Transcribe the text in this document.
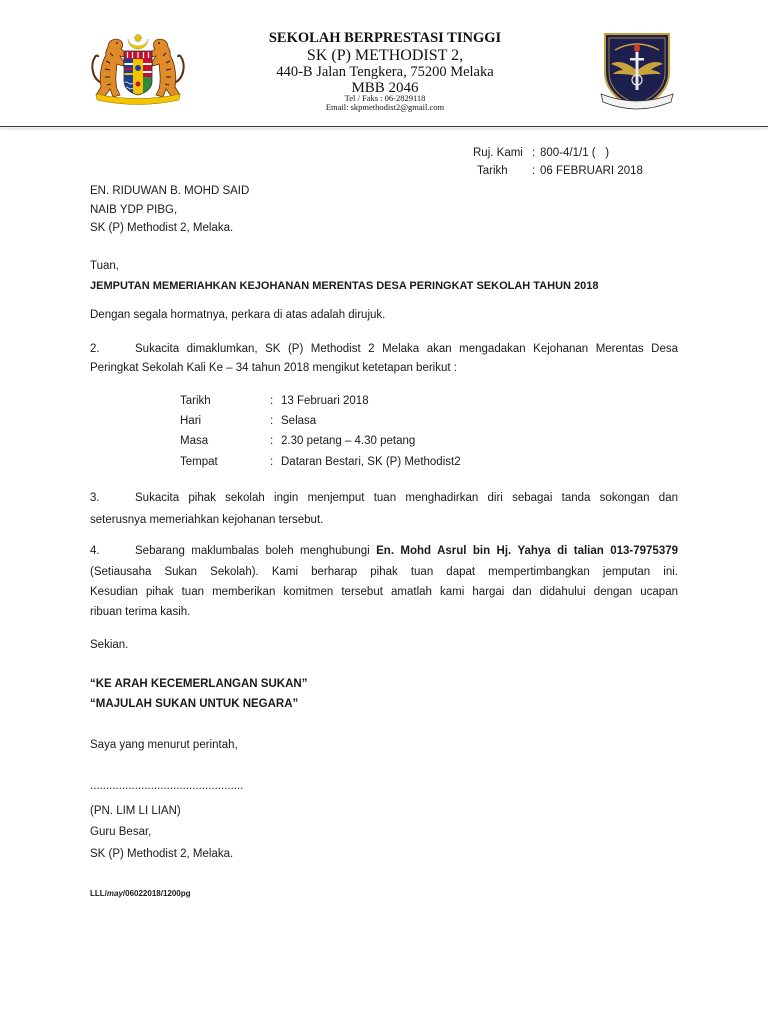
SEKOLAH BERPRESTASI TINGGI
SK (P) METHODIST 2,
440-B Jalan Tengkera, 75200 Melaka
MBB 2046
Tel / Faks : 06-2829118
Email: skpmethodist2@gmail.com
Ruj. Kami : 800-4/1/1 (   )
Tarikh : 06 FEBRUARI 2018
EN. RIDUWAN B. MOHD SAID
NAIB YDP PIBG,
SK (P) Methodist 2, Melaka.
Tuan,
JEMPUTAN MEMERIAHKAN KEJOHANAN MERENTAS DESA PERINGKAT SEKOLAH TAHUN 2018
Dengan segala hormatnya, perkara di atas adalah dirujuk.
2.	Sukacita dimaklumkan, SK (P) Methodist 2 Melaka akan mengadakan Kejohanan Merentas Desa
Peringkat Sekolah Kali Ke – 34 tahun 2018 mengikut ketetapan berikut :
Tarikh	: 13 Februari 2018
Hari	: Selasa
Masa	: 2.30 petang – 4.30 petang
Tempat	: Dataran Bestari, SK (P) Methodist2
3.	Sukacita pihak sekolah ingin menjemput tuan menghadirkan diri sebagai tanda sokongan dan
seterusnya memeriahkan kejohanan tersebut.
4.	Sebarang maklumbalas boleh menghubungi En. Mohd Asrul bin Hj. Yahya di talian 013-7975379
(Setiausaha Sukan Sekolah). Kami berharap pihak tuan dapat mempertimbangkan jemputan ini.
Kesudian pihak tuan memberikan komitmen tersebut amatlah kami hargai dan didahului dengan ucapan
ribuan terima kasih.
Sekian.
“KE ARAH KECEMERLANGAN SUKAN”
“MAJULAH SUKAN UNTUK NEGARA”
Saya yang menurut perintah,
................................................
(PN. LIM LI LIAN)
Guru Besar,
SK (P) Methodist 2, Melaka.
LLL/may/06022018/1200pg
